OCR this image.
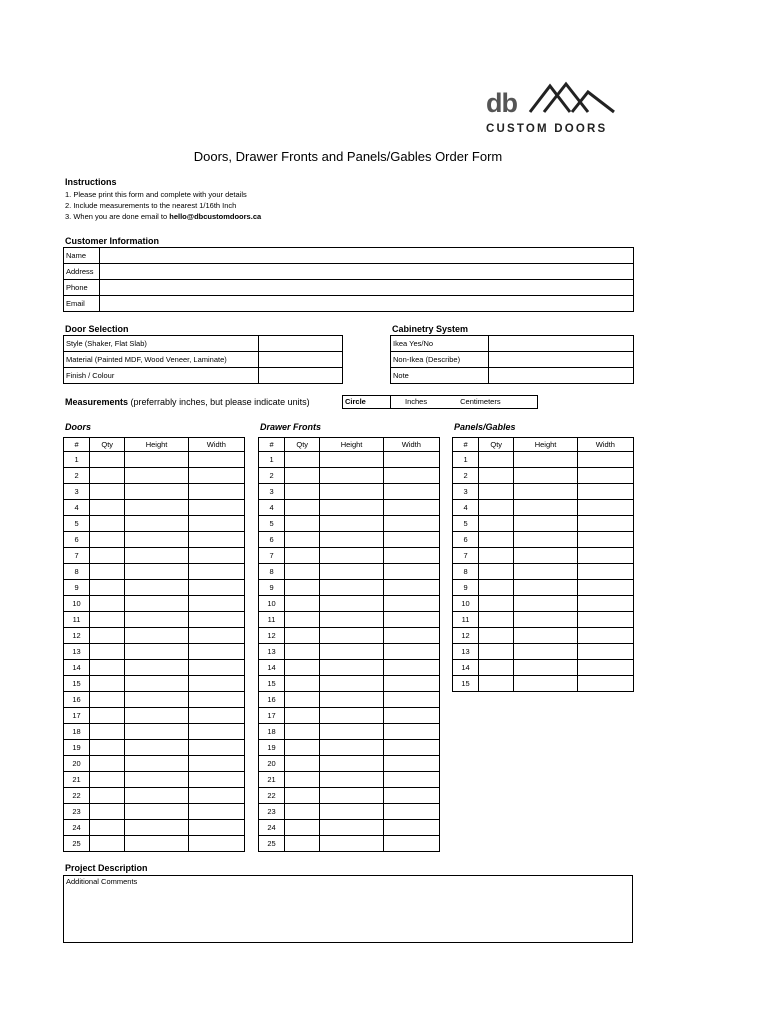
db
CUSTOM DOORS
Doors, Drawer Fronts and Panels/Gables Order Form
Instructions
1. Please print this form and complete with your details
2. Include measurements to the nearest 1/16th Inch
3. When you are done email to hello@dbcustomdoors.ca
Customer Information
Name	
Address	
Phone	
Email	
Door Selection
Style (Shaker, Flat Slab)	
Material (Painted MDF, Wood Veneer, Laminate)	
Finish / Colour	
Cabinetry System
Ikea Yes/No	
Non-Ikea (Describe)	
Note	
Measurements (preferrably inches, but please indicate units)	Circle	Inches	Centimeters
Doors	Drawer Fronts	Panels/Gables
#	Qty	Height	Width
1			
2			
3			
4			
5			
6			
7			
8			
9			
10			
11			
12			
13			
14			
15			
16			
17			
18			
19			
20			
21			
22			
23			
24			
25			
#	Qty	Height	Width
1			
2			
3			
4			
5			
6			
7			
8			
9			
10			
11			
12			
13			
14			
15			
16			
17			
18			
19			
20			
21			
22			
23			
24			
25			
#	Qty	Height	Width
1			
2			
3			
4			
5			
6			
7			
8			
9			
10			
11			
12			
13			
14			
15			
Project Description
Additional Comments
